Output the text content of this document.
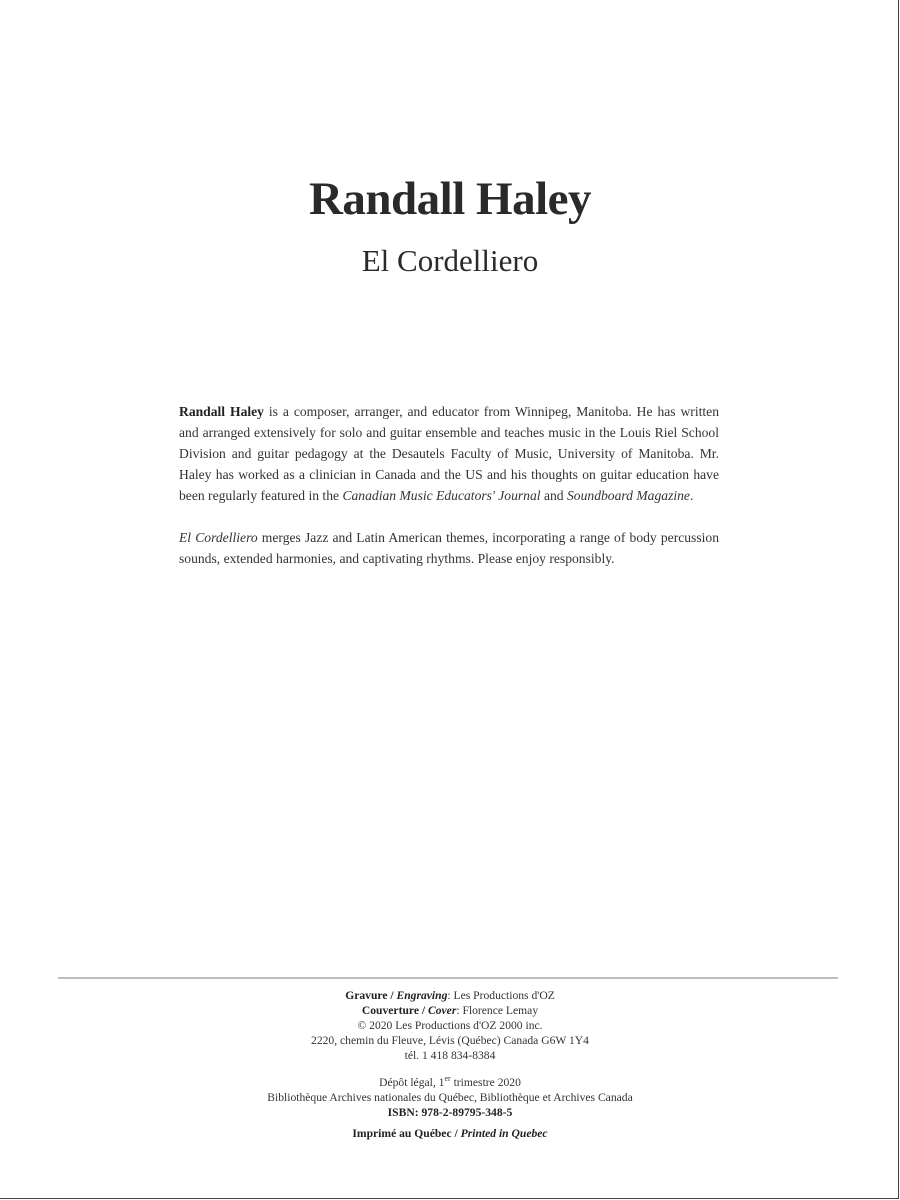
Randall Haley
El Cordelliero

Randall Haley is a composer, arranger, and educator from Winnipeg, Manitoba. He has written and arranged extensively for solo and guitar ensemble and teaches music in the Louis Riel School Division and guitar pedagogy at the Desautels Faculty of Music, University of Manitoba. Mr. Haley has worked as a clinician in Canada and the US and his thoughts on guitar education have been regularly featured in the Canadian Music Educators' Journal and Soundboard Magazine.

El Cordelliero merges Jazz and Latin American themes, incorporating a range of body percussion sounds, extended harmonies, and captivating rhythms. Please enjoy responsibly.

Gravure / Engraving: Les Productions d'OZ
Couverture / Cover: Florence Lemay
© 2020 Les Productions d'OZ 2000 inc.
2220, chemin du Fleuve, Lévis (Québec) Canada G6W 1Y4
tél. 1 418 834-8384
Dépôt légal, 1er trimestre 2020
Bibliothèque Archives nationales du Québec, Bibliothèque et Archives Canada
ISBN: 978-2-89795-348-5
Imprimé au Québec / Printed in Quebec
